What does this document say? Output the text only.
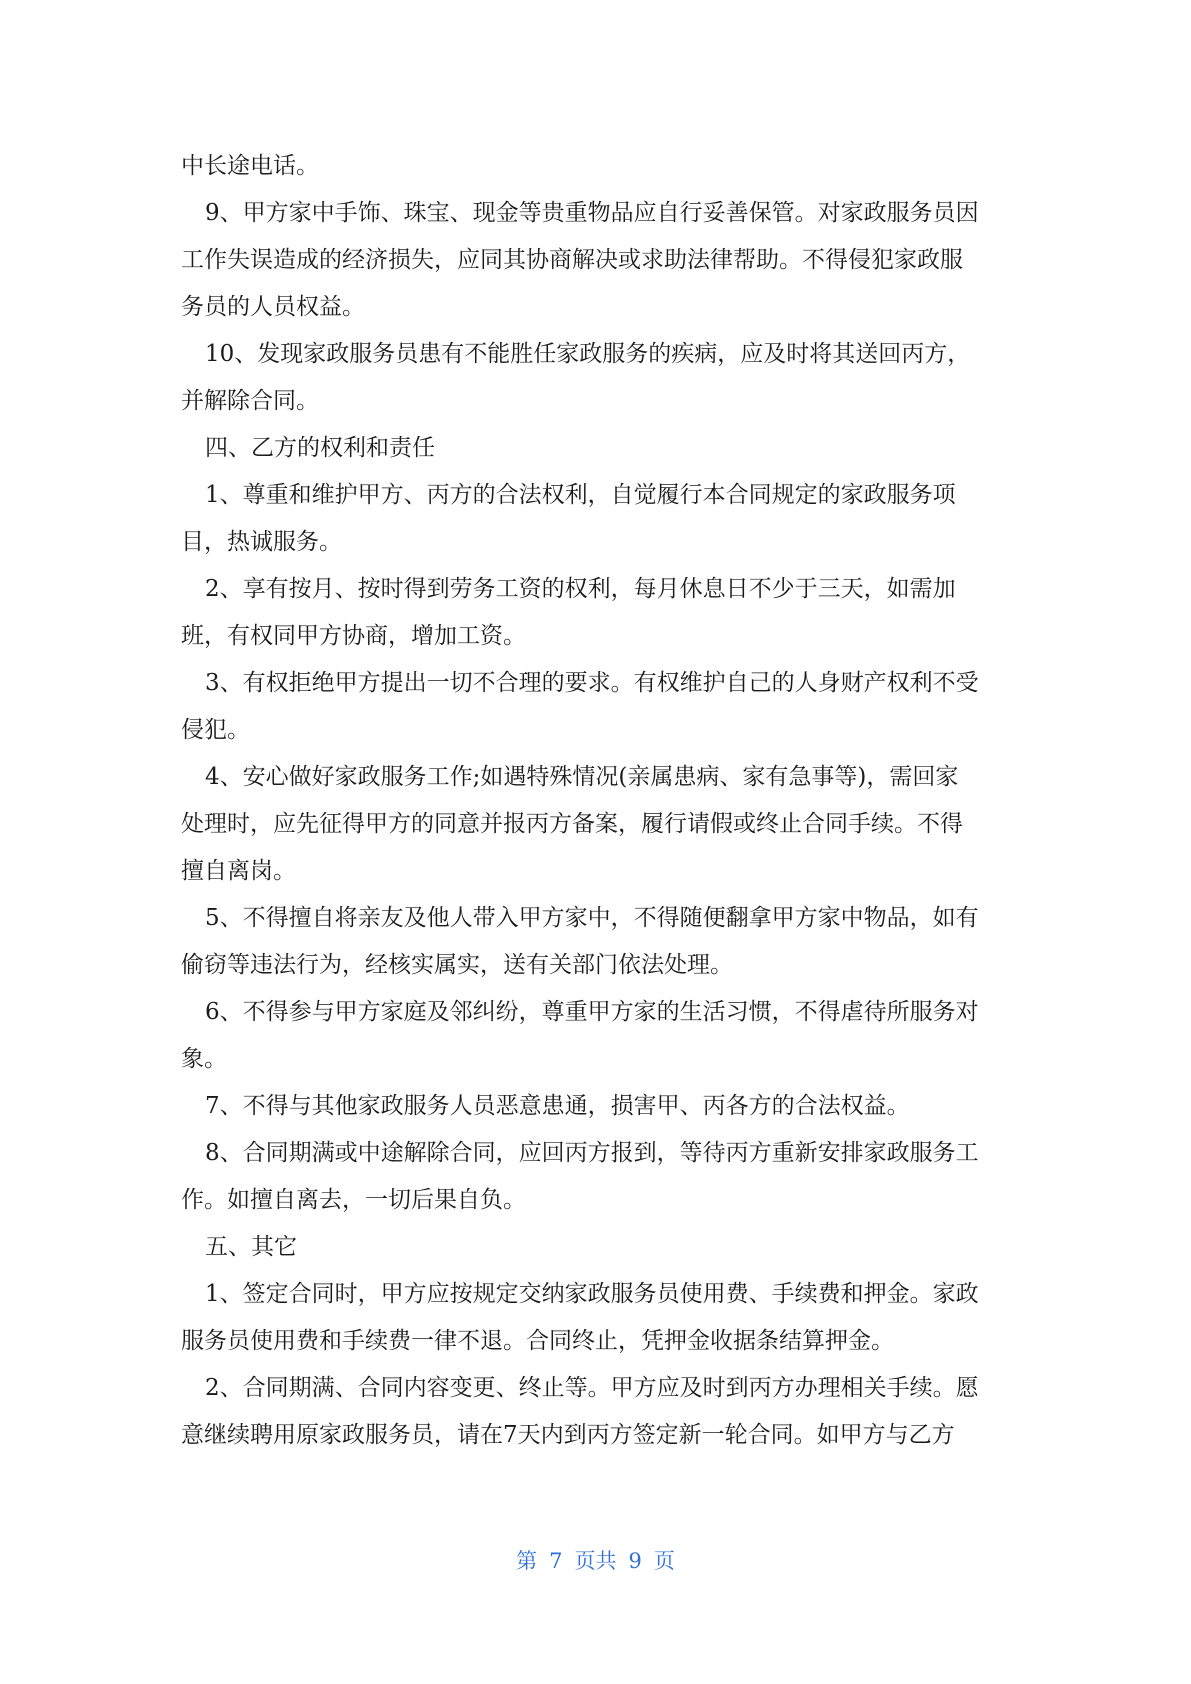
中长途电话。

9、甲方家中手饰、珠宝、现金等贵重物品应自行妥善保管。对家政服务员因

工作失误造成的经济损失，应同其协商解决或求助法律帮助。不得侵犯家政服

务员的人员权益。

10、发现家政服务员患有不能胜任家政服务的疾病，应及时将其送回丙方，

并解除合同。

四、乙方的权利和责任

1、尊重和维护甲方、丙方的合法权利，自觉履行本合同规定的家政服务项

目，热诚服务。

2、享有按月、按时得到劳务工资的权利，每月休息日不少于三天，如需加

班，有权同甲方协商，增加工资。

3、有权拒绝甲方提出一切不合理的要求。有权维护自己的人身财产权利不受

侵犯。

4、安心做好家政服务工作;如遇特殊情况(亲属患病、家有急事等)，需回家

处理时，应先征得甲方的同意并报丙方备案，履行请假或终止合同手续。不得

擅自离岗。

5、不得擅自将亲友及他人带入甲方家中，不得随便翻拿甲方家中物品，如有

偷窃等违法行为，经核实属实，送有关部门依法处理。

6、不得参与甲方家庭及邻纠纷，尊重甲方家的生活习惯，不得虐待所服务对

象。

7、不得与其他家政服务人员恶意患通，损害甲、丙各方的合法权益。

8、合同期满或中途解除合同，应回丙方报到，等待丙方重新安排家政服务工

作。如擅自离去，一切后果自负。

五、其它

1、签定合同时，甲方应按规定交纳家政服务员使用费、手续费和押金。家政

服务员使用费和手续费一律不退。合同终止，凭押金收据条结算押金。

2、合同期满、合同内容变更、终止等。甲方应及时到丙方办理相关手续。愿

意继续聘用原家政服务员，请在7天内到丙方签定新一轮合同。如甲方与乙方

第 7 页共 9 页
